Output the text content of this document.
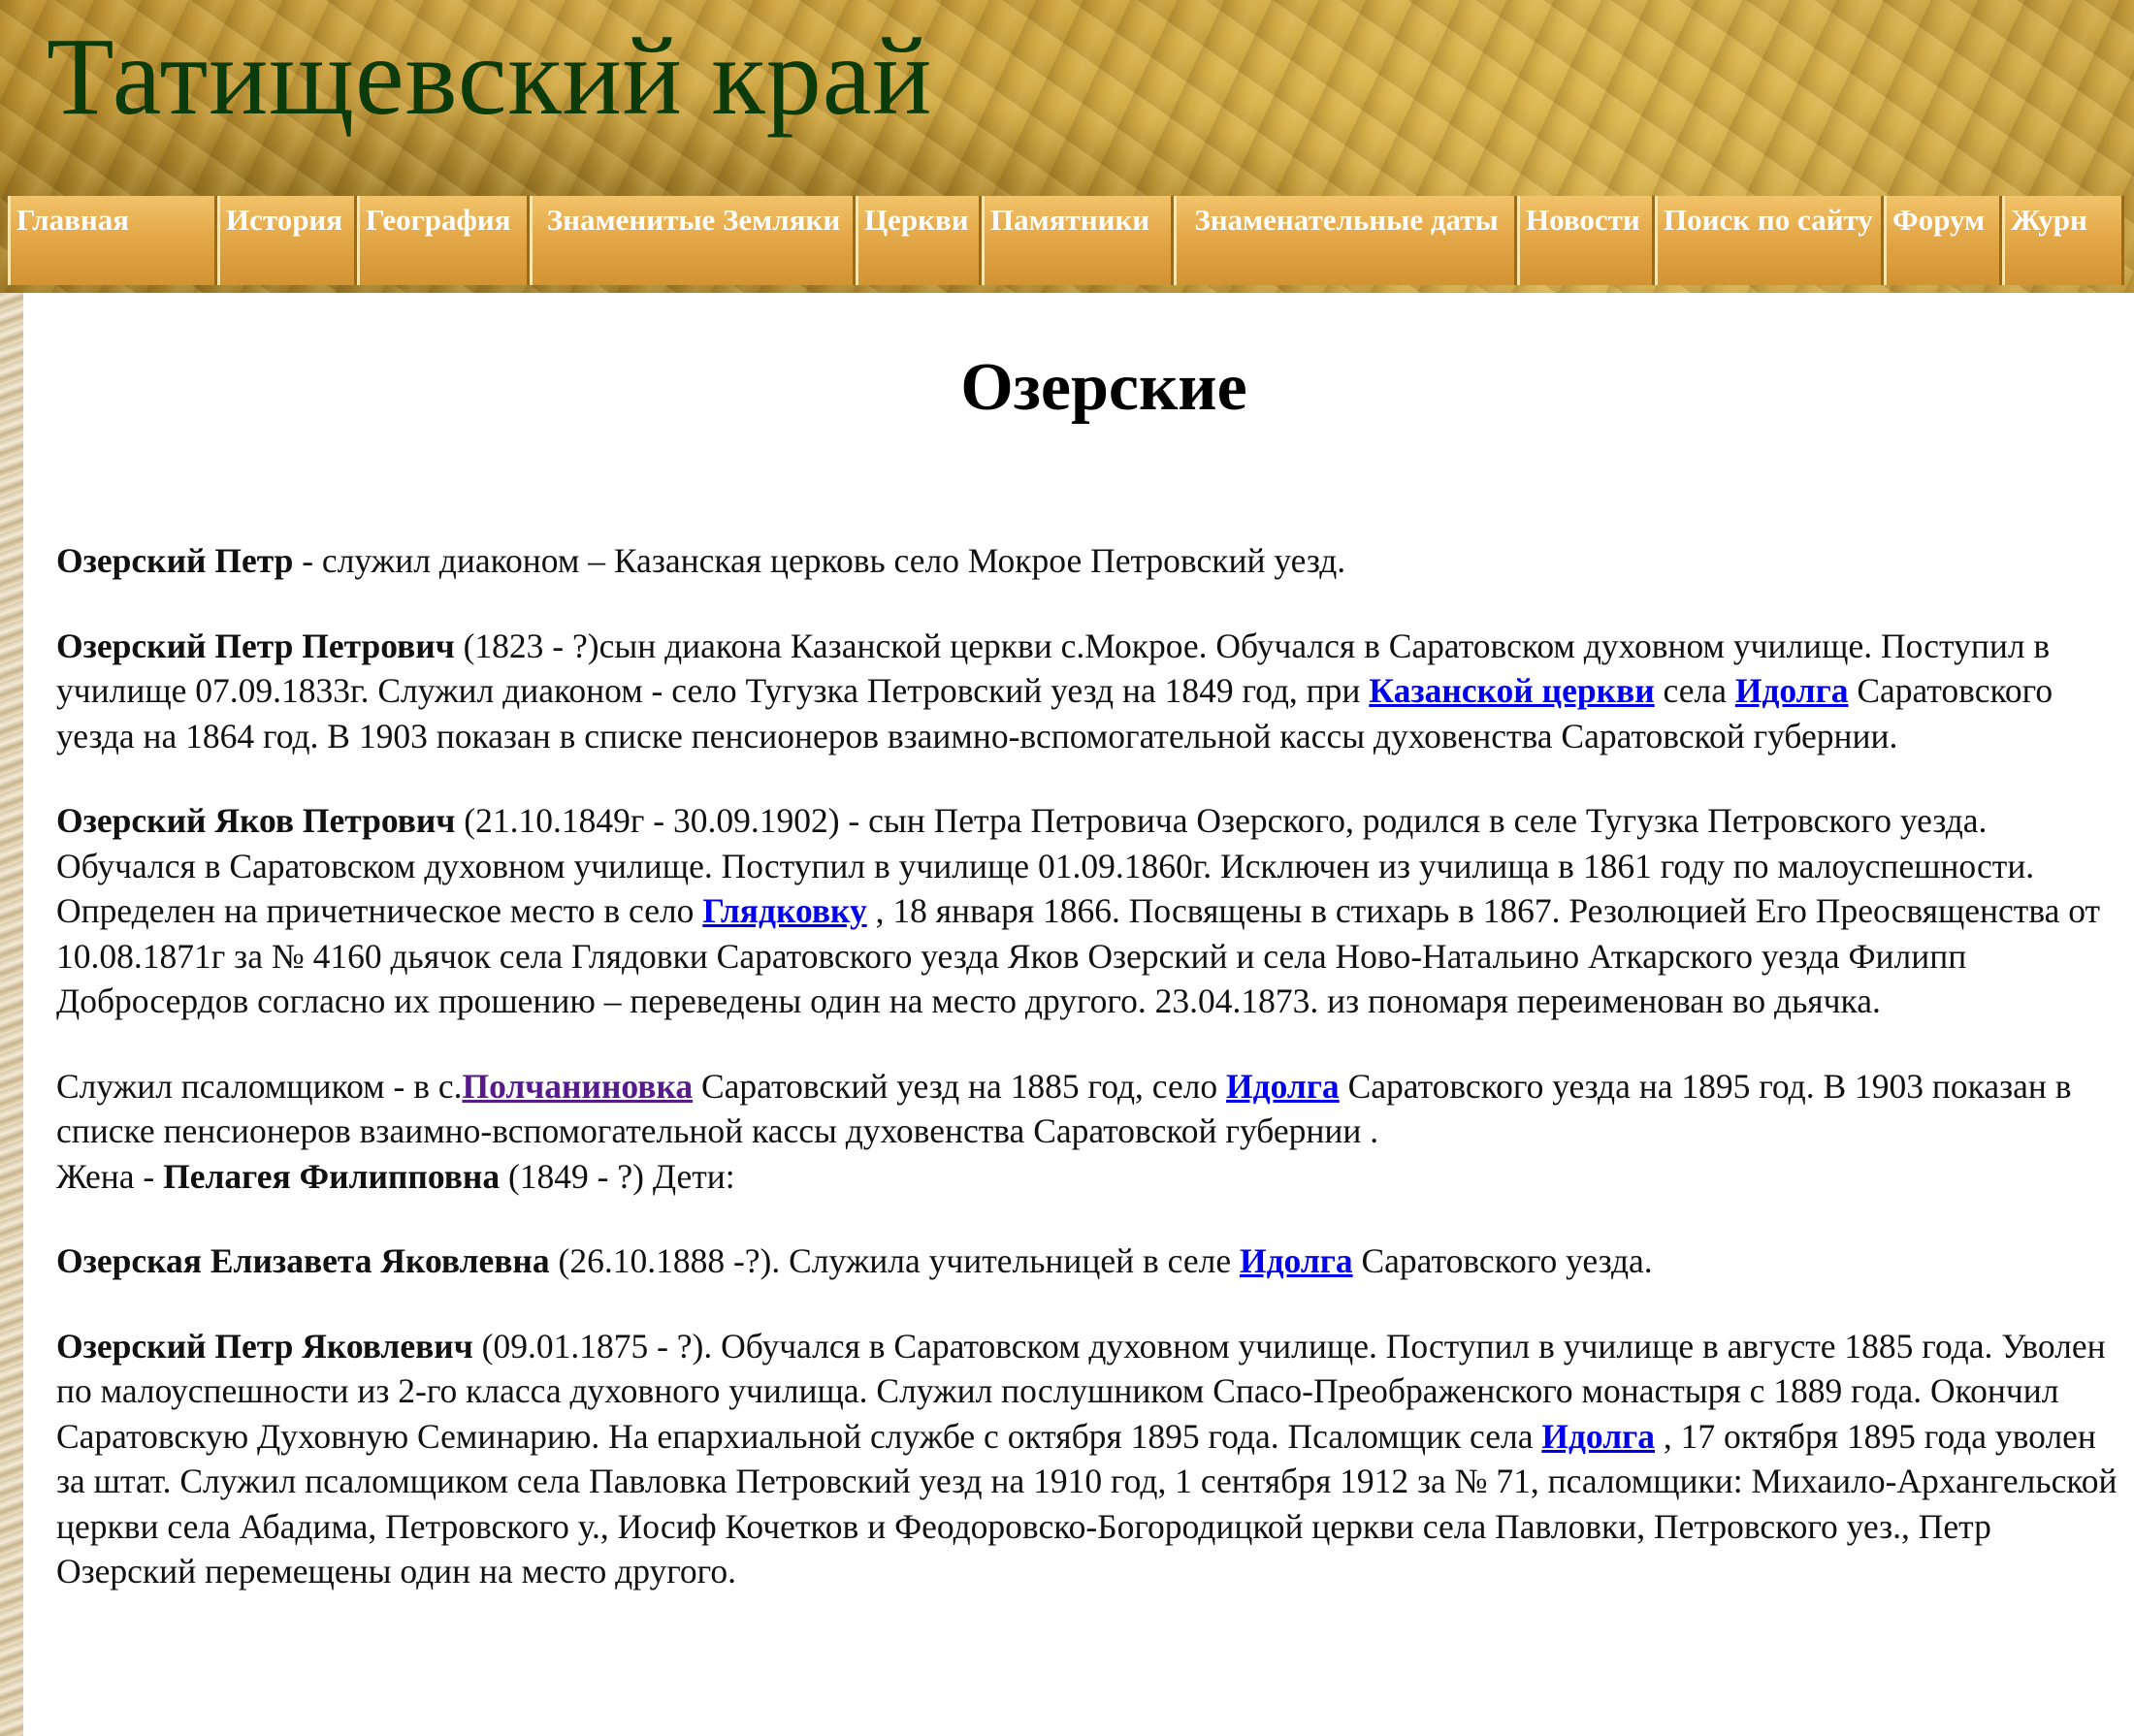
Татищевский край
Главная	История География	Знаменитые Земляки Церкви Памятники	Знаменательные даты Новости Поиск по сайту Форум Журн
Озерские

Озерский Петр - служил диаконом – Казанская церковь село Мокрое Петровский уезд.

Озерский Петр Петрович (1823 - ?)сын диакона Казанской церкви с.Мокрое. Обучался в Саратовском духовном училище. Поступил в училище 07.09.1833г. Служил диаконом - село Тугузка Петровский уезд на 1849 год, при Казанской церкви села Идолга Саратовского уезда на 1864 год. В 1903 показан в списке пенсионеров взаимно-вспомогательной кассы духовенства Саратовской губернии.

Озерский Яков Петрович (21.10.1849г - 30.09.1902) - сын Петра Петровича Озерского, родился в селе Тугузка Петровского уезда. Обучался в Саратовском духовном училище. Поступил в училище 01.09.1860г. Исключен из училища в 1861 году по малоуспешности. Определен на причетническое место в село Глядковку , 18 января 1866. Посвящены в стихарь в 1867. Резолюцией Его Преосвященства от 10.08.1871г за № 4160 дьячок села Глядовки Саратовского уезда Яков Озерский и села Ново-Натальино Аткарского уезда Филипп Добросердов согласно их прошению – переведены один на место другого. 23.04.1873. из пономаря переименован во дьячка.

Служил псаломщиком - в с.Полчаниновка Саратовский уезд на 1885 год, село Идолга Саратовского уезда на 1895 год. В 1903 показан в списке пенсионеров взаимно-вспомогательной кассы духовенства Саратовской губернии .

Жена - Пелагея Филипповна (1849 - ?) Дети:

Озерская Елизавета Яковлевна (26.10.1888 -?). Служила учительницей в селе Идолга Саратовского уезда.

Озерский Петр Яковлевич (09.01.1875 - ?). Обучался в Саратовском духовном училище. Поступил в училище в августе 1885 года. Уволен по малоуспешности из 2-го класса духовного училища. Служил послушником Спасо-Преображенского монастыря с 1889 года. Окончил Саратовскую Духовную Семинарию. На епархиальной службе с октября 1895 года. Псаломщик села Идолга , 17 октября 1895 года уволен за штат. Служил псаломщиком села Павловка Петровский уезд на 1910 год, 1 сентября 1912 за № 71, псаломщики: Михаило-Архангельской церкви села Абадима, Петровского у., Иосиф Кочетков и Феодоровско-Богородицкой церкви села Павловки, Петровского уез., Петр Озерский перемещены один на место другого.
